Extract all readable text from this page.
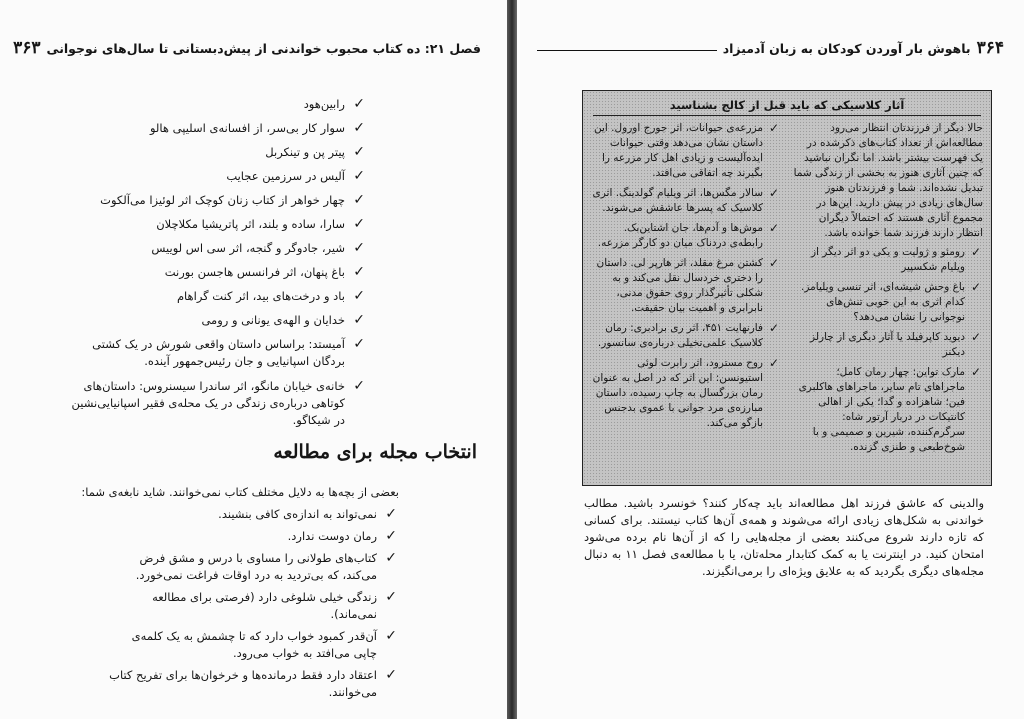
فصل ۲۱: ده کتاب محبوب خواندنی از پیش‌دبستانی تا سال‌های نوجوانی
۳۶۳
✓
رابین‌هود
✓
سوار کار بی‌سر، از افسانه‌ی اسلیپی هالو
✓
پیتر پن و تینکربل
✓
آلیس در سرزمین عجایب
✓
چهار خواهر از کتاب زنان کوچک اثر لوئیزا می‌آلکوت
✓
سارا، ساده و بلند، اثر پاتریشیا مکلاچلان
✓
شیر، جادوگر و گنجه، اثر سی اس لوییس
✓
باغ پنهان، اثر فرانسس هاجسن بورنت
✓
باد و درخت‌های بید، اثر کنت گراهام
✓
خدایان و الهه‌ی یونانی و رومی
✓
آمیستد: براساس داستان واقعی شورش در یک کشتی بردگان اسپانیایی و جان رئیس‌جمهور آینده.
✓
خانه‌ی خیابان مانگو، اثر ساندرا سیسنروس: داستان‌های کوتاهی درباره‌ی زندگی در یک محله‌ی فقیر اسپانیایی‌نشین در شیکاگو.
انتخاب مجله برای مطالعه
بعضی از بچه‌ها به دلایل مختلف کتاب نمی‌خوانند. شاید نابغه‌ی شما:
✓
نمی‌تواند به اندازه‌ی کافی بنشیند.
✓
رمان دوست ندارد.
✓
کتاب‌های طولانی را مساوی با درس و مشق فرض می‌کند، که بی‌تردید به درد اوقات فراغت نمی‌خورد.
✓
زندگی خیلی شلوغی دارد (فرصتی برای مطالعه نمی‌ماند).
✓
آن‌قدر کمبود خواب دارد که تا چشمش به یک کلمه‌ی چاپی می‌افتد به خواب می‌رود.
✓
اعتقاد دارد فقط درمانده‌ها و خرخوان‌ها برای تفریح کتاب می‌خوانند.
۳۶۴
باهوش بار آوردن کودکان به زبان آدمیزاد
آثار کلاسیکی که باید قبل از کالج بشناسید

حالا دیگر از فرزندتان انتظار می‌رود مطالعه‌اش از تعداد کتاب‌های ذکرشده در یک فهرست بیشتر باشد. اما نگران نباشید که چنین آثاری هنوز به بخشی از زندگی شما تبدیل نشده‌اند. شما و فرزندتان هنوز سال‌های زیادی در پیش دارید. این‌ها در مجموع آثاری هستند که احتمالاً دیگران انتظار دارند فرزند شما خوانده باشد.

✓
رومئو و ژولیت و یکی دو اثر دیگر از ویلیام شکسپیر
✓
باغ وحش شیشه‌ای، اثر تنسی ویلیامز. کدام اثری به این خوبی تنش‌های نوجوانی را نشان می‌دهد؟
✓
دیوید کاپرفیلد یا آثار دیگری از چارلز دیکنز
✓
مارک تواین: چهار رمان کامل؛ ماجراهای تام سایر، ماجراهای هاکلبری فین؛ شاهزاده و گدا؛ یکی از اهالی کانتیکات در دربار آرتور شاه: سرگرم‌کننده، شیرین و صمیمی و با شوخ‌طبعی و طنزی گزنده.
✓
مزرعه‌ی حیوانات، اثر جورج اورول. این داستان نشان می‌دهد وقتی حیوانات ایده‌آلیست و زیادی اهل کار مزرعه را بگیرند چه اتفاقی می‌افتد.
✓
سالار مگس‌ها، اثر ویلیام گولدینگ. اثری کلاسیک که پسرها عاشقش می‌شوند.
✓
موش‌ها و آدم‌ها، جان اشتاین‌بک. رابطه‌ی دردناک میان دو کارگر مزرعه.
✓
کشتن مرغ مقلد، اثر هارپر لی. داستان را دختری خردسال نقل می‌کند و به شکلی تأثیرگذار روی حقوق مدنی، نابرابری و اهمیت بیان حقیقت.
✓
فارنهایت ۴۵۱، اثر ری برادبری: رمان کلاسیک علمی‌تخیلی درباره‌ی سانسور.
✓
روح مسترود، اثر رابرت لوئی استیونسن: این اثر که در اصل به عنوان رمان بزرگسال به چاپ رسیده، داستان مبارزه‌ی مرد جوانی با عموی بدجنس بازگو می‌کند.

والدینی که عاشق فرزند اهل مطالعه‌اند باید چه‌کار کنند؟ خونسرد باشید. مطالب خواندنی به شکل‌های زیادی ارائه می‌شوند و همه‌ی آن‌ها کتاب نیستند. برای کسانی که تازه دارند شروع می‌کنند بعضی از مجله‌هایی را که از آن‌ها نام برده می‌شود امتحان کنید. در اینترنت یا به کمک کتابدار محله‌تان، یا با مطالعه‌ی فصل ۱۱ به دنبال مجله‌های دیگری بگردید که به علایق ویژه‌ای را برمی‌انگیزند.
